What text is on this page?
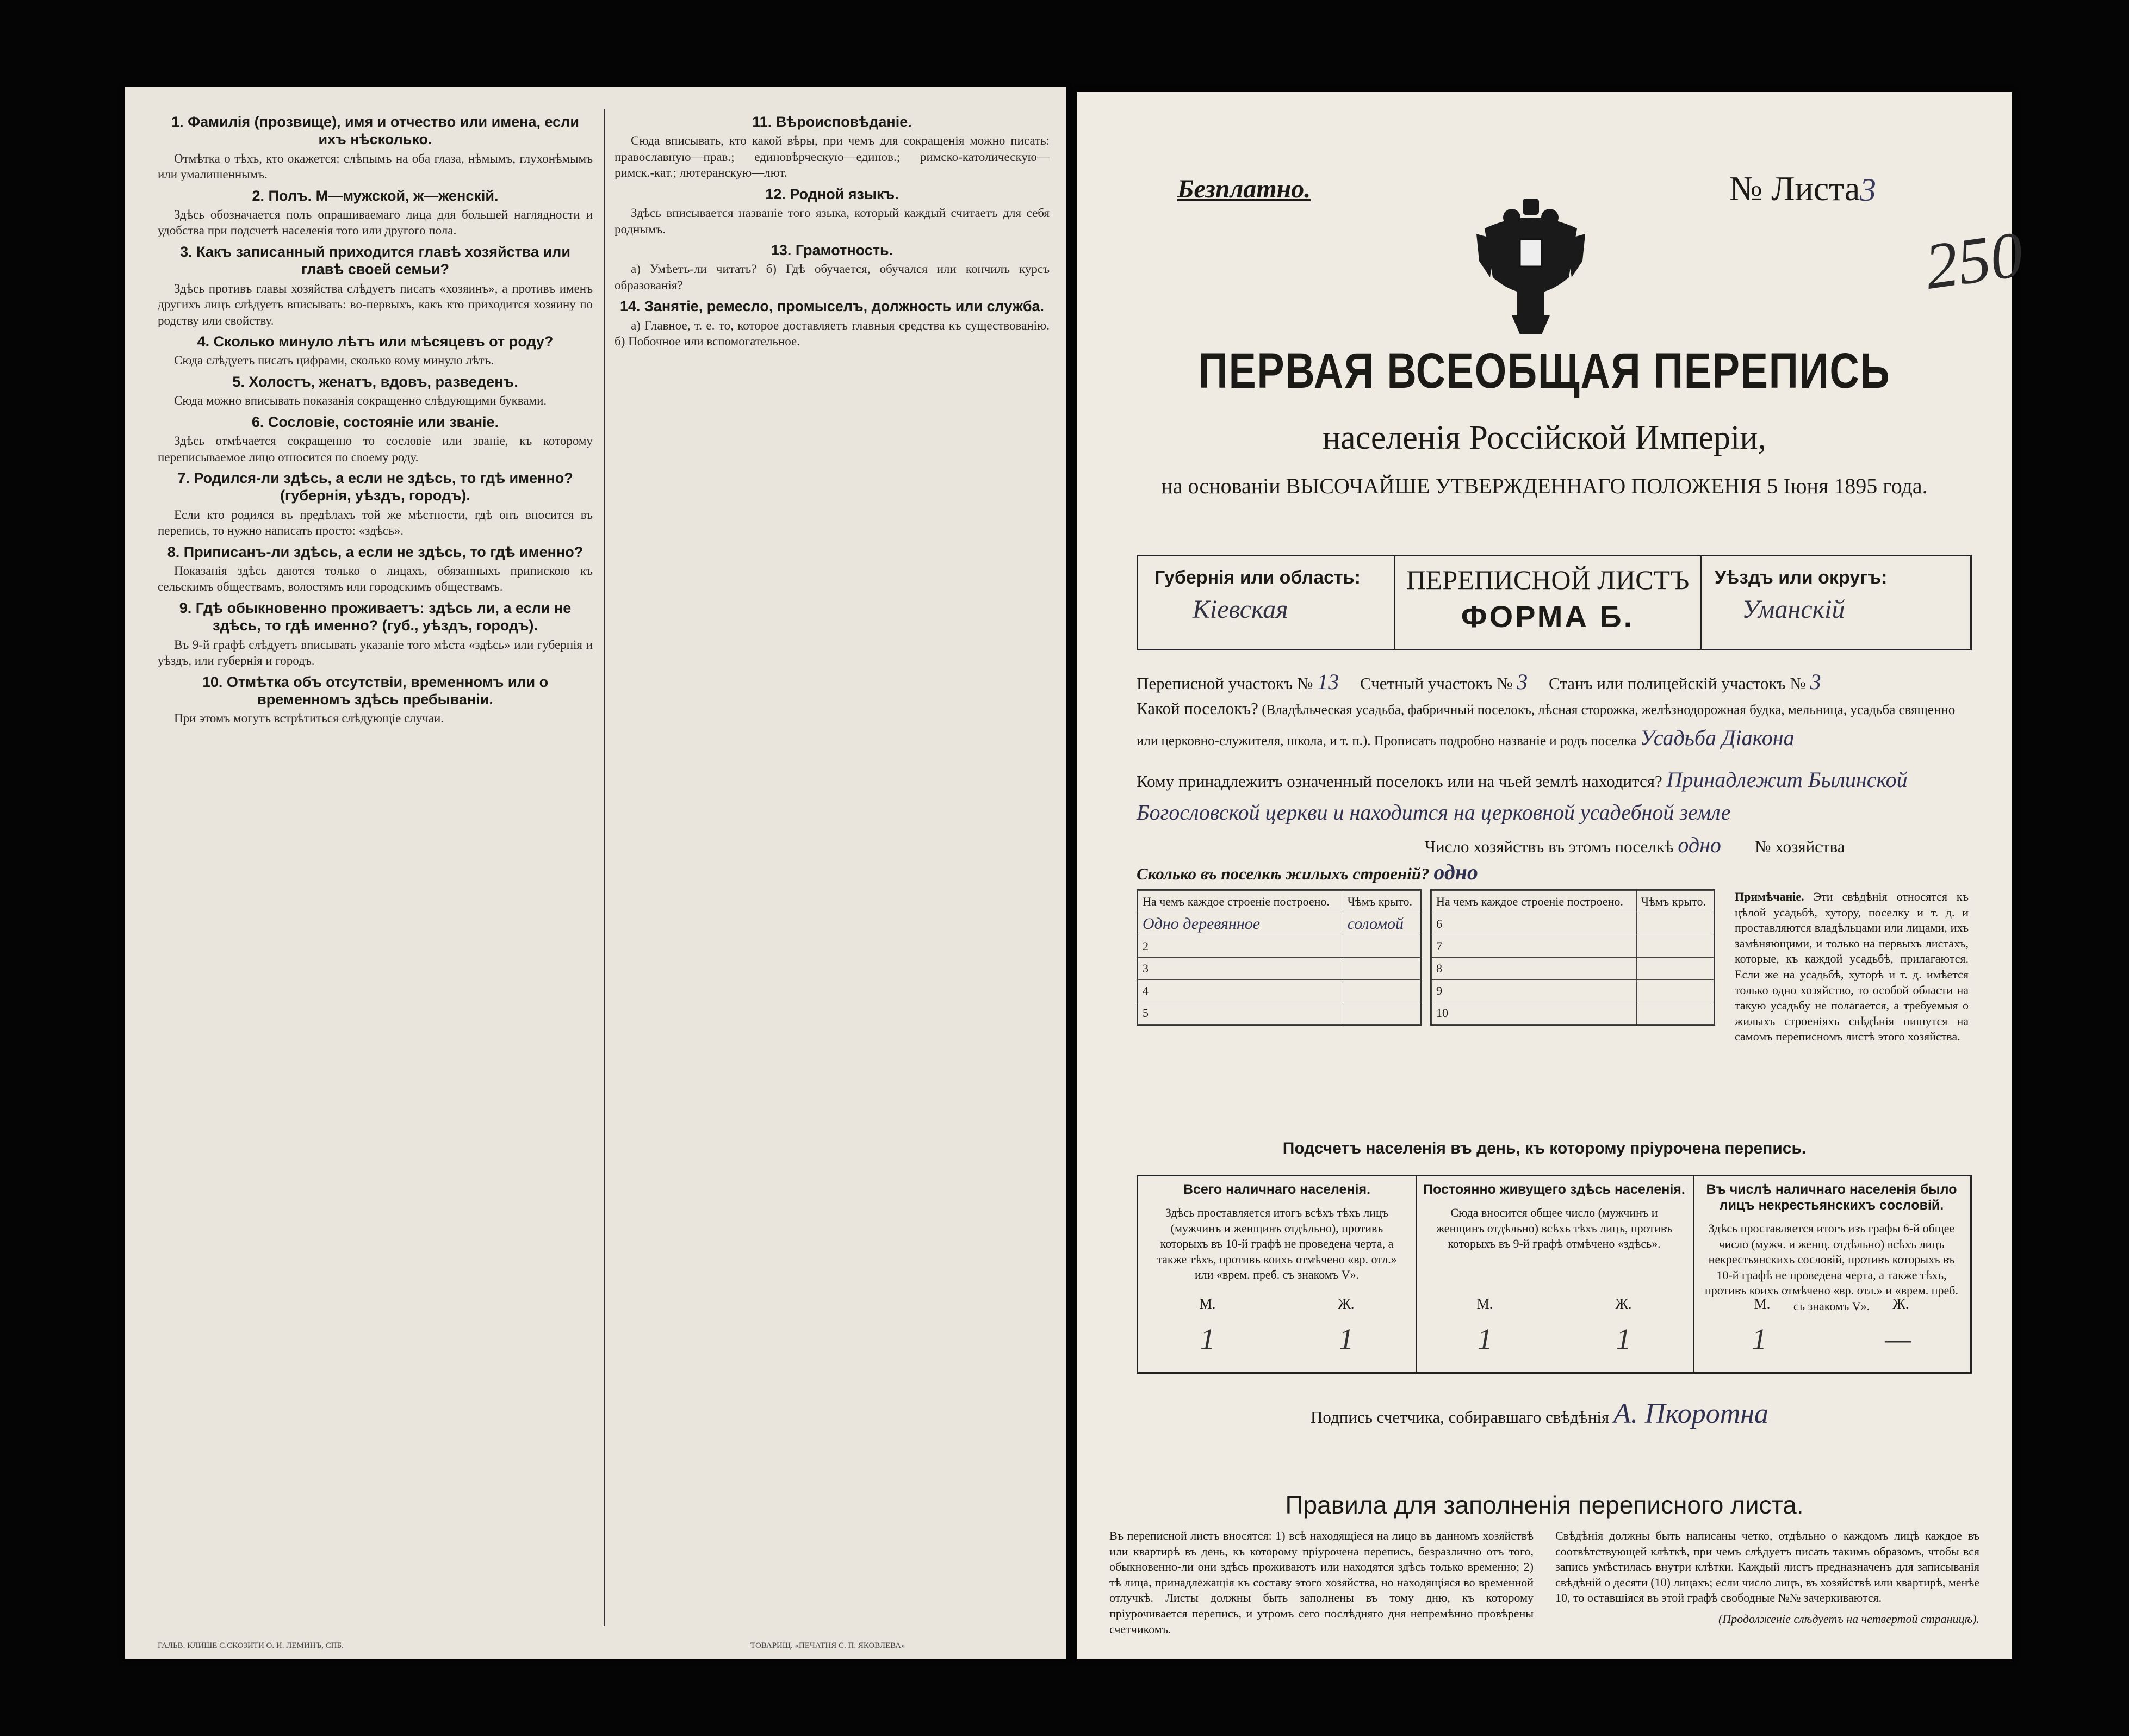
1. Фамилія (прозвище), имя и отчество или имена, если ихъ нѣсколько.
Отмѣтка о тѣхъ, кто окажется: слѣпымъ на оба глаза, нѣмымъ, глухонѣмымъ или умалишеннымъ.
2. Полъ. М—мужской, ж—женскій.
Здѣсь обозначается полъ опрашиваемаго лица для большей наглядности и удобства при подсчетѣ населенія того или другого пола.
3. Какъ записанный приходится главѣ хозяйства или главѣ своей семьи?
Здѣсь противъ главы хозяйства слѣдуетъ писать «хозяинъ», а противъ именъ другихъ лицъ слѣдуетъ вписывать: во-первыхъ, какъ кто приходится хозяину по родству или свойству.
4. Сколько минуло лѣтъ или мѣсяцевъ от роду?
Сюда слѣдуетъ писать цифрами, сколько кому минуло лѣтъ.
5. Холостъ, женатъ, вдовъ, разведенъ.
Сюда можно вписывать показанія сокращенно слѣдующими буквами.
6. Сословіе, состояніе или званіе.
Здѣсь отмѣчается сокращенно то сословіе или званіе, къ которому переписываемое лицо относится по своему роду.
7. Родился-ли здѣсь, а если не здѣсь, то гдѣ именно? (губернія, уѣздъ, городъ).
Если кто родился въ предѣлахъ той же мѣстности, гдѣ онъ вносится въ перепись, то нужно написать просто: «здѣсь».
8. Приписанъ-ли здѣсь, а если не здѣсь, то гдѣ именно?
Показанія здѣсь даются только о лицахъ, обязанныхъ припискою къ сельскимъ обществамъ, волостямъ или городскимъ обществамъ.
9. Гдѣ обыкновенно проживаетъ: здѣсь ли, а если не здѣсь, то гдѣ именно? (губ., уѣздъ, городъ).
Въ 9-й графѣ слѣдуетъ вписывать указаніе того мѣста «здѣсь» или губернія и уѣздъ, или губернія и городъ.
10. Отмѣтка объ отсутствіи, временномъ или о временномъ здѣсь пребываніи.
При этомъ могутъ встрѣтиться слѣдующіе случаи.
11. Вѣроисповѣданіе.
Сюда вписывать, кто какой вѣры, при чемъ для сокращенія можно писать: православную—прав.; единовѣрческую—единов.; римско-католическую—римск.-кат.; лютеранскую—лют.
12. Родной языкъ.
Здѣсь вписывается названіе того языка, который каждый считаетъ для себя роднымъ.
13. Грамотность.
а) Умѣетъ-ли читать? б) Гдѣ обучается, обучался или кончилъ курсъ образованія?
14. Занятіе, ремесло, промыселъ, должность или служба.
а) Главное, т. е. то, которое доставляетъ главныя средства къ существованію. б) Побочное или вспомогательное.
ГАЛЬВ. КЛИШЕ С.СКОЗИТИ О. И. ЛЕМИНЪ, СПБ.	ТОВАРИЩ. «ПЕЧАТНЯ С. П. ЯКОВЛЕВА»
Безплатно.	№ Листа 3
250
ПЕРВАЯ ВСЕОБЩАЯ ПЕРЕПИСЬ
населенія Россійской Имперіи,
на основаніи ВЫСОЧАЙШЕ УТВЕРЖДЕННАГО ПОЛОЖЕНІЯ 5 Іюня 1895 года.
Губернія или область:
Кіевская
ПЕРЕПИСНОЙ ЛИСТЪ
ФОРМА Б.
Уѣздъ или округъ:
Уманскій
Переписной участокъ № 13 Счетный участокъ № 3 Станъ или полицейскій участокъ № 3
Какой поселокъ? (Владѣльческая усадьба, фабричный поселокъ, лѣсная сторожка, желѣзнодорожная будка, мельница, усадьба священно или церковно-служителя, школа, и т. п.). Прописать подробно названіе и родъ поселка Усадьба Дiакона
Кому принадлежитъ означенный поселокъ или на чьей землѣ находится? Принадлежит Былинской
Богословской церкви и находится на церковной усадебной земле
Число хозяйствъ въ этомъ поселкѣ одно № хозяйства
Сколько въ поселкѣ жилыхъ строеній? одно
На чемъ каждое строеніе построено.	Чѣмъ крыто.
Одно деревянное	соломой
2	
3	
4	
5	
На чемъ каждое строеніе построено.	Чѣмъ крыто.
6	
7	
8	
9	
10	
Примѣчаніе. Эти свѣдѣнія относятся къ цѣлой усадьбѣ, хутору, поселку и т. д. и проставляются владѣльцами или лицами, ихъ замѣняющими, и только на первыхъ листахъ, которые, къ каждой усадьбѣ, прилагаются. Если же на усадьбѣ, хуторѣ и т. д. имѣется только одно хозяйство, то особой области на такую усадьбу не полагается, а требуемыя о жилыхъ строеніяхъ свѣдѣнія пишутся на самомъ переписномъ листѣ этого хозяйства.
Подсчетъ населенія въ день, къ которому пріурочена перепись.
Всего наличнаго населенія.
Здѣсь проставляется итогъ всѣхъ тѣхъ лицъ (мужчинъ и женщинъ отдѣльно), противъ которыхъ въ 10-й графѣ не проведена черта, а также тѣхъ, противъ коихъ отмѣчено «вр. отл.» или «врем. преб. съ знакомъ V».
М.	Ж.
1	1
Постоянно живущего здѣсь населенія.
Сюда вносится общее число (мужчинъ и женщинъ отдѣльно) всѣхъ тѣхъ лицъ, противъ которыхъ въ 9-й графѣ отмѣчено «здѣсь».
М.	Ж.
1	1
Въ числѣ наличнаго населенія было лицъ некрестьянскихъ сословій.
Здѣсь проставляется итогъ изъ графы 6-й общее число (мужч. и женщ. отдѣльно) всѣхъ лицъ некрестьянскихъ сословій, противъ которыхъ въ 10-й графѣ не проведена черта, а также тѣхъ, противъ коихъ отмѣчено «вр. отл.» и «врем. преб. съ знакомъ V».
М.	Ж.
1	—
Подпись счетчика, собиравшаго свѣдѣнія А. Пкоротна
Правила для заполненія переписного листа.
Въ переписной листъ вносятся: 1) всѣ находящіеся на лицо въ данномъ хозяйствѣ или квартирѣ въ день, къ которому пріурочена перепись, безразлично отъ того, обыкновенно-ли они здѣсь проживаютъ или находятся здѣсь только временно; 2) тѣ лица, принадлежащія къ составу этого хозяйства, но находящіяся во временной отлучкѣ. Листы должны быть заполнены въ тому дню, къ которому пріурочивается перепись, и утромъ сего послѣдняго дня непремѣнно провѣрены счетчикомъ.
Свѣдѣнія должны быть написаны четко, отдѣльно о каждомъ лицѣ каждое въ соотвѣтствующей клѣткѣ, при чемъ слѣдуетъ писать такимъ образомъ, чтобы вся запись умѣстилась внутри клѣтки. Каждый листъ предназначенъ для записыванія свѣдѣній о десяти (10) лицахъ; если число лицъ, въ хозяйствѣ или квартирѣ, менѣе 10, то оставшіяся въ этой графѣ свободные №№ зачеркиваются.
(Продолженіе слѣдуетъ на четвертой страницѣ).
